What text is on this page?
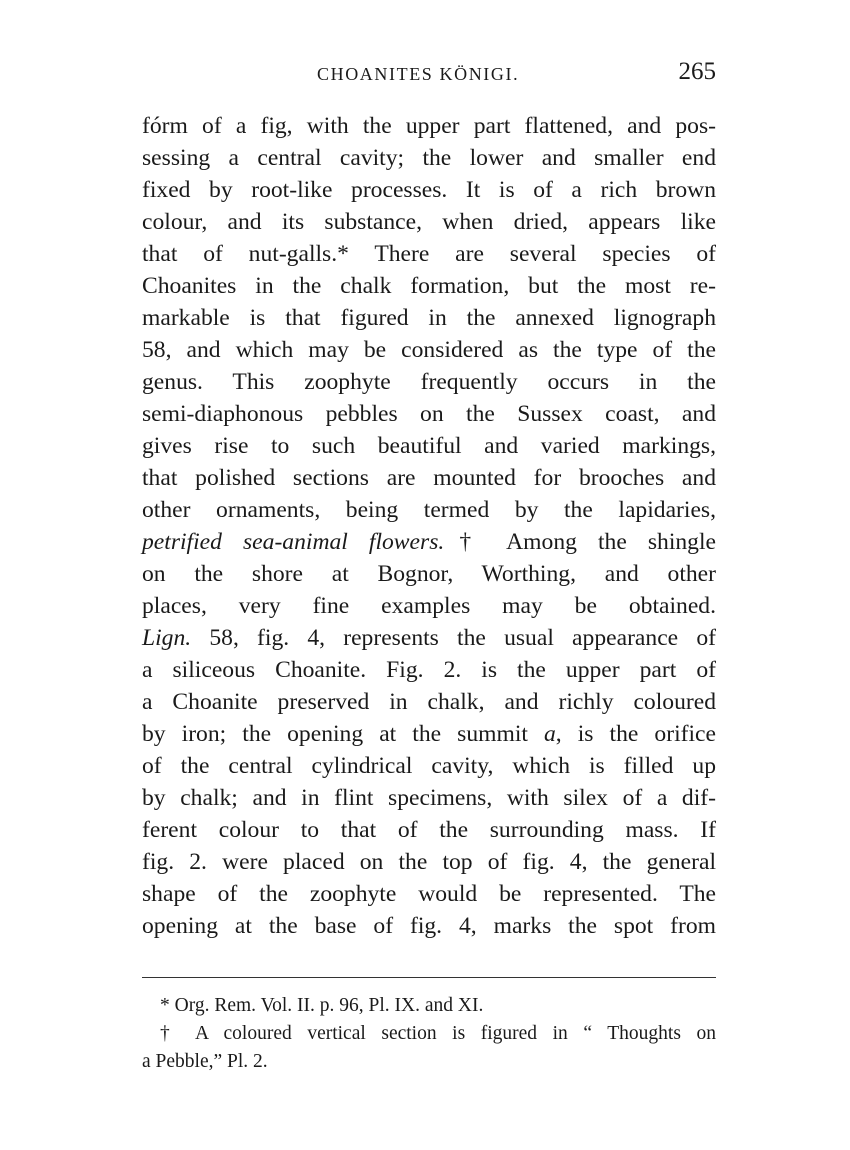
CHOANITES KÖNIGI.	265
fórm of a fig, with the upper part flattened, and pos-
sessing a central cavity; the lower and smaller end
fixed by root-like processes. It is of a rich brown
colour, and its substance, when dried, appears like
that of nut-galls.* There are several species of
Choanites in the chalk formation, but the most re-
markable is that figured in the annexed lignograph
58, and which may be considered as the type of the
genus. This zoophyte frequently occurs in the
semi-diaphonous pebbles on the Sussex coast, and
gives rise to such beautiful and varied markings,
that polished sections are mounted for brooches and
other ornaments, being termed by the lapidaries,
petrified sea-animal flowers.† Among the shingle
on the shore at Bognor, Worthing, and other
places, very fine examples may be obtained.
Lign. 58, fig. 4, represents the usual appearance of
a siliceous Choanite. Fig. 2. is the upper part of
a Choanite preserved in chalk, and richly coloured
by iron; the opening at the summit a, is the orifice
of the central cylindrical cavity, which is filled up
by chalk; and in flint specimens, with silex of a dif-
ferent colour to that of the surrounding mass. If
fig. 2. were placed on the top of fig. 4, the general
shape of the zoophyte would be represented. The
opening at the base of fig. 4, marks the spot from
* Org. Rem. Vol. II. p. 96, Pl. IX. and XI.
† A coloured vertical section is figured in “ Thoughts on
a Pebble,” Pl. 2.
